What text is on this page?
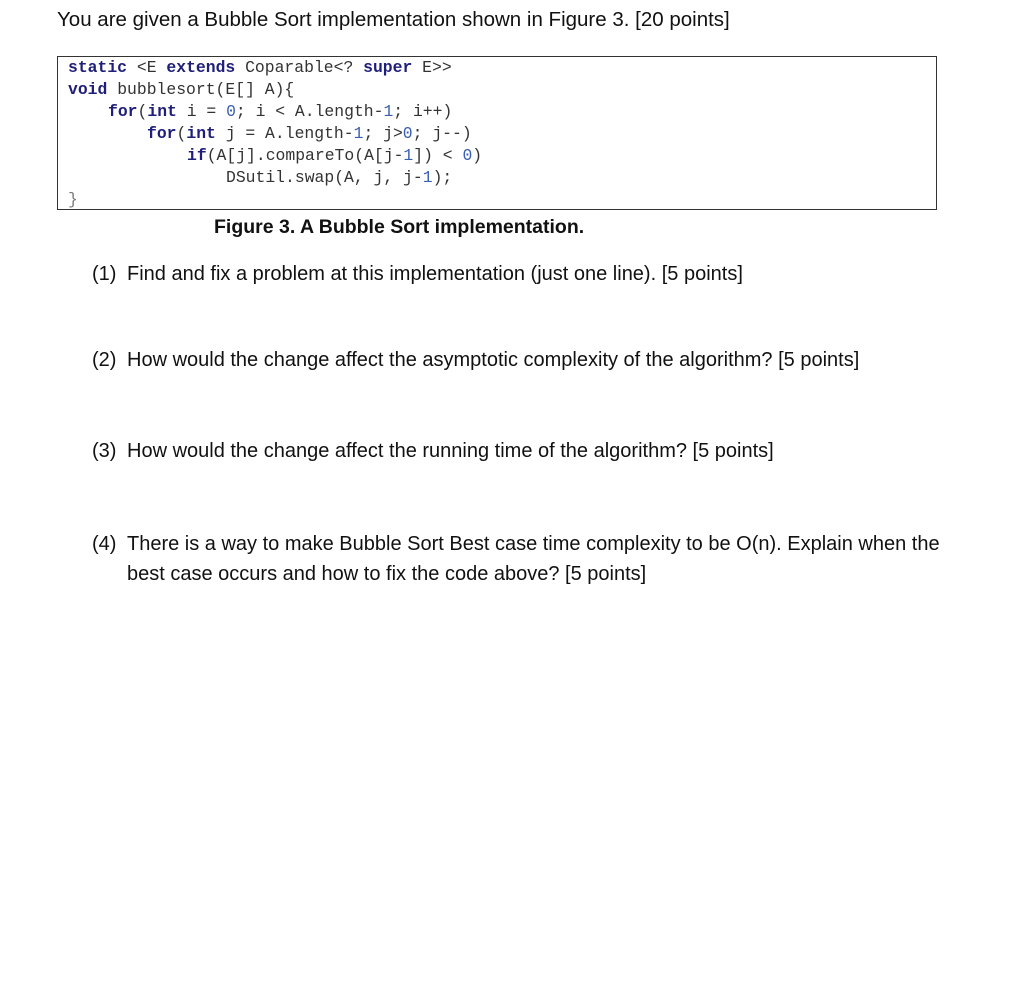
You are given a Bubble Sort implementation shown in Figure 3. [20 points]
static <E extends Coparable<? super E>>
void bubblesort(E[] A){
for(int i = 0; i < A.length-1; i++)
for(int j = A.length-1; j>0; j--)
if(A[j].compareTo(A[j-1]) < 0)
DSutil.swap(A, j, j-1);
}
Figure 3. A Bubble Sort implementation.
(1) Find and fix a problem at this implementation (just one line). [5 points]
(2) How would the change affect the asymptotic complexity of the algorithm? [5 points]
(3) How would the change affect the running time of the algorithm? [5 points]
(4) There is a way to make Bubble Sort Best case time complexity to be O(n). Explain when the best case occurs and how to fix the code above? [5 points]
